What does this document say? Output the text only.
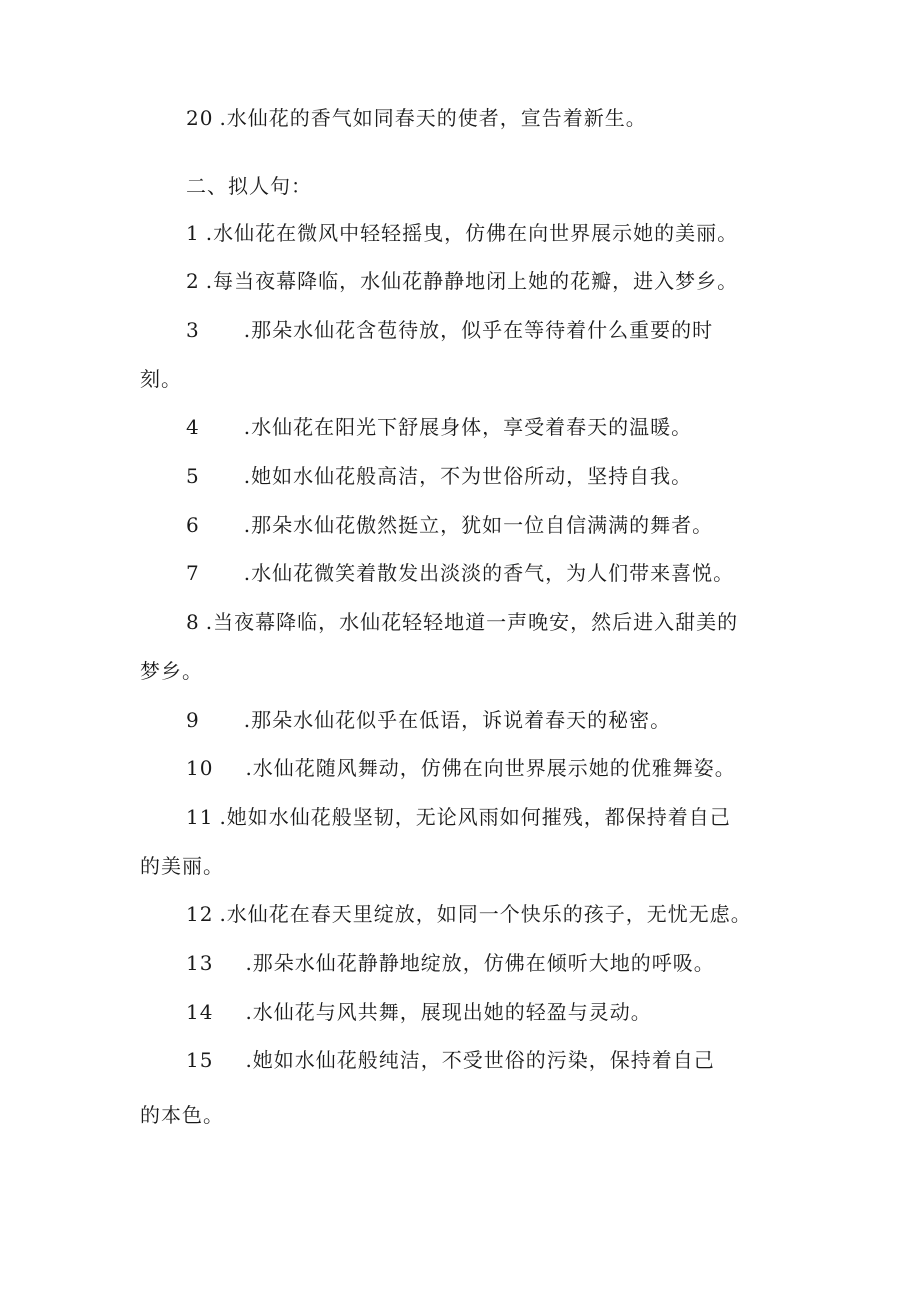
20 .水仙花的香气如同春天的使者，宣告着新生。
二、拟人句：
1 .水仙花在微风中轻轻摇曳，仿佛在向世界展示她的美丽。
2 .每当夜幕降临，水仙花静静地闭上她的花瓣，进入梦乡。
3 .那朵水仙花含苞待放，似乎在等待着什么重要的时
刻。
4 .水仙花在阳光下舒展身体，享受着春天的温暖。
5 .她如水仙花般高洁，不为世俗所动，坚持自我。
6 .那朵水仙花傲然挺立，犹如一位自信满满的舞者。
7 .水仙花微笑着散发出淡淡的香气，为人们带来喜悦。
8 .当夜幕降临，水仙花轻轻地道一声晚安，然后进入甜美的
梦乡。
9 .那朵水仙花似乎在低语，诉说着春天的秘密。
10 .水仙花随风舞动，仿佛在向世界展示她的优雅舞姿。
11 .她如水仙花般坚韧，无论风雨如何摧残，都保持着自己
的美丽。
12 .水仙花在春天里绽放，如同一个快乐的孩子，无忧无虑。
13 .那朵水仙花静静地绽放，仿佛在倾听大地的呼吸。
14 .水仙花与风共舞，展现出她的轻盈与灵动。
15 .她如水仙花般纯洁，不受世俗的污染，保持着自己
的本色。
